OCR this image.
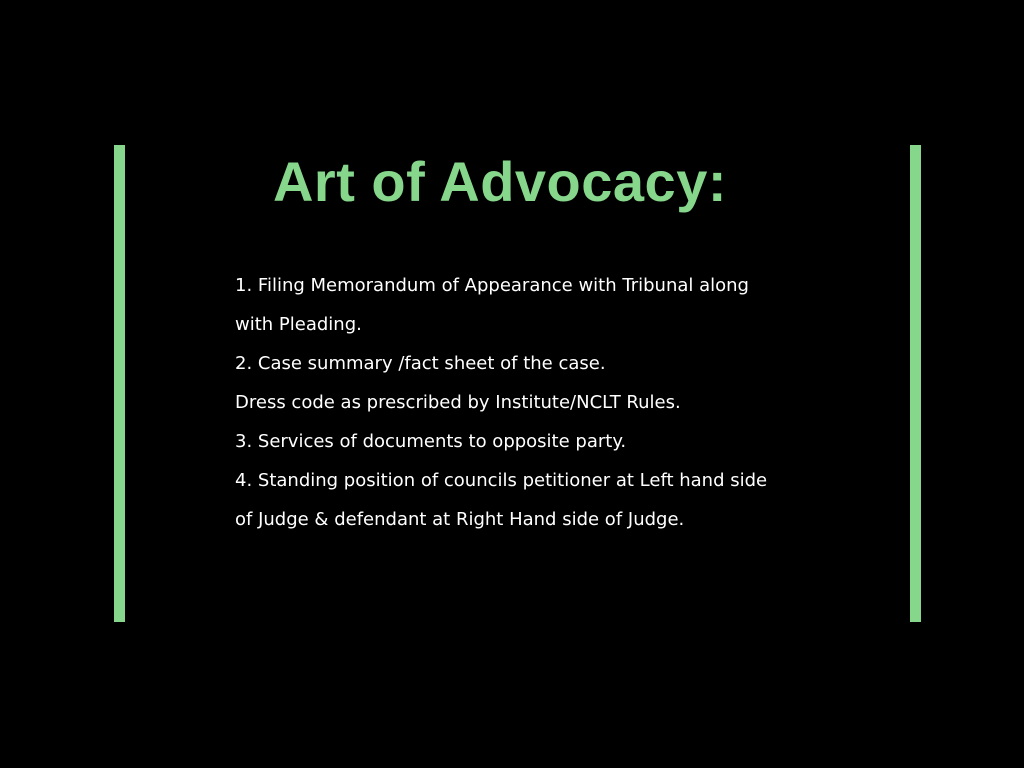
Art of Advocacy:
1. Filing Memorandum of Appearance with Tribunal along
with Pleading.
2. Case summary /fact sheet of the case.
Dress code as prescribed by Institute/NCLT Rules.
3. Services of documents to opposite party.
4. Standing position of councils petitioner at Left hand side
of Judge & defendant at Right Hand side of Judge.
